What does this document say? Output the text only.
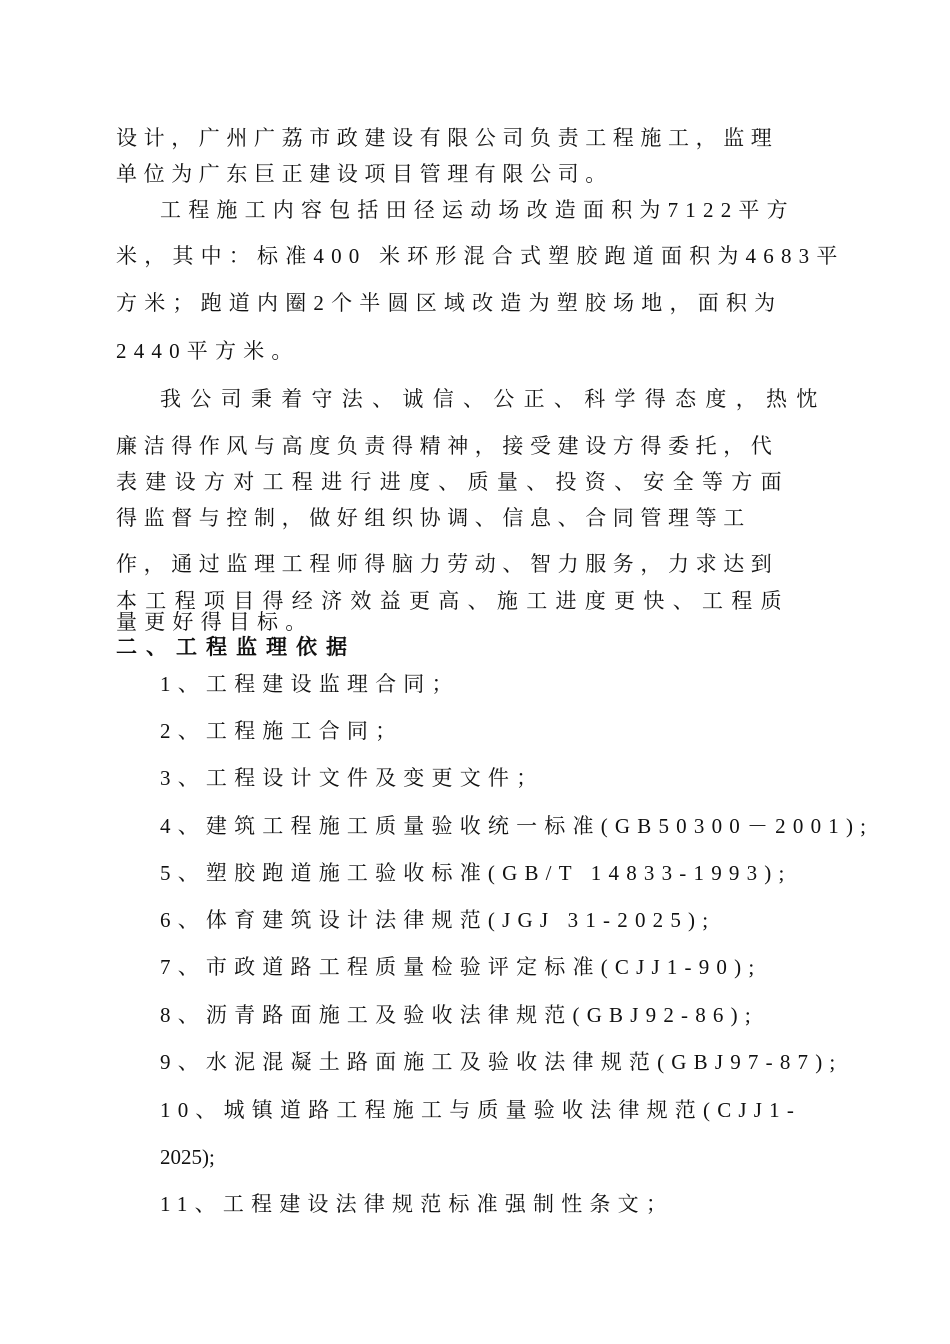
设计，广州广荔市政建设有限公司负责工程施工，监理
单位为广东巨正建设项目管理有限公司。
工程施工内容包括田径运动场改造面积为7122平方
米，其中：标准400 米环形混合式塑胶跑道面积为4683平
方米；跑道内圈2个半圆区域改造为塑胶场地，面积为
2440平方米。
我公司秉着守法、诚信、公正、科学得态度，热忱
廉洁得作风与高度负责得精神，接受建设方得委托，代
表建设方对工程进行进度、质量、投资、安全等方面
得监督与控制，做好组织协调、信息、合同管理等工
作，通过监理工程师得脑力劳动、智力服务，力求达到
本工程项目得经济效益更高、施工进度更快、工程质
量更好得目标。
二、工程监理依据
1、工程建设监理合同；
2、工程施工合同；
3、工程设计文件及变更文件；
4、建筑工程施工质量验收统一标准(GB50300－2001);
5、塑胶跑道施工验收标准(GB/T 14833-1993);
6、体育建筑设计法律规范(JGJ 31-2025);
7、市政道路工程质量检验评定标准(CJJ1-90);
8、沥青路面施工及验收法律规范(GBJ92-86);
9、水泥混凝土路面施工及验收法律规范(GBJ97-87);
10、城镇道路工程施工与质量验收法律规范(CJJ1-
2025);
11、工程建设法律规范标准强制性条文；
